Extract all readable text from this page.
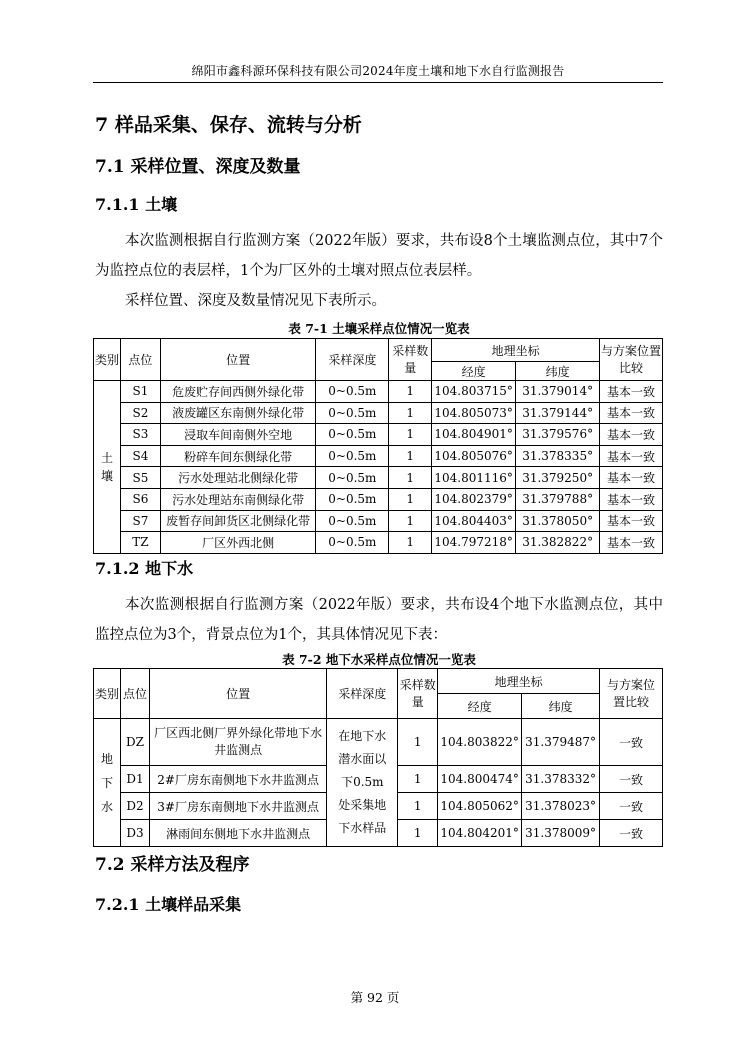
绵阳市鑫科源环保科技有限公司2024年度土壤和地下水自行监测报告
7 样品采集、保存、流转与分析
7.1 采样位置、深度及数量
7.1.1 土壤
本次监测根据自行监测方案（2022年版）要求，共布设8个土壤监测点位，其中7个为监控点位的表层样，1个为厂区外的土壤对照点位表层样。
采样位置、深度及数量情况见下表所示。
表 7-1 土壤采样点位情况一览表
类别	点位	位置	采样深度	采样数量	地理坐标		与方案位置比较
					经度	纬度	
土壤	S1	危废贮存间西侧外绿化带	0~0.5m	1	104.803715°	31.379014°	基本一致
	S2	液废罐区东南侧外绿化带	0~0.5m	1	104.805073°	31.379144°	基本一致
	S3	浸取车间南侧外空地	0~0.5m	1	104.804901°	31.379576°	基本一致
	S4	粉碎车间东侧绿化带	0~0.5m	1	104.805076°	31.378335°	基本一致
	S5	污水处理站北侧绿化带	0~0.5m	1	104.801116°	31.379250°	基本一致
	S6	污水处理站东南侧绿化带	0~0.5m	1	104.802379°	31.379788°	基本一致
	S7	废暂存间卸货区北侧绿化带	0~0.5m	1	104.804403°	31.378050°	基本一致
	TZ	厂区外西北侧	0~0.5m	1	104.797218°	31.382822°	基本一致
7.1.2 地下水
本次监测根据自行监测方案（2022年版）要求，共布设4个地下水监测点位，其中监控点位为3个，背景点位为1个，其具体情况见下表：
表 7-2 地下水采样点位情况一览表
类别	点位	位置	采样深度	采样数量	地理坐标		与方案位置比较
					经度	纬度	
地下水	DZ	厂区西北侧厂界外绿化带地下水井监测点	在地下水潜水面以下0.5m处采集地下水样品	1	104.803822°	31.379487°	一致
	D1	2#厂房东南侧地下水井监测点		1	104.800474°	31.378332°	一致
	D2	3#厂房东南侧地下水井监测点		1	104.805062°	31.378023°	一致
	D3	淋雨间东侧地下水井监测点		1	104.804201°	31.378009°	一致
7.2 采样方法及程序
7.2.1 土壤样品采集
第 92 页
